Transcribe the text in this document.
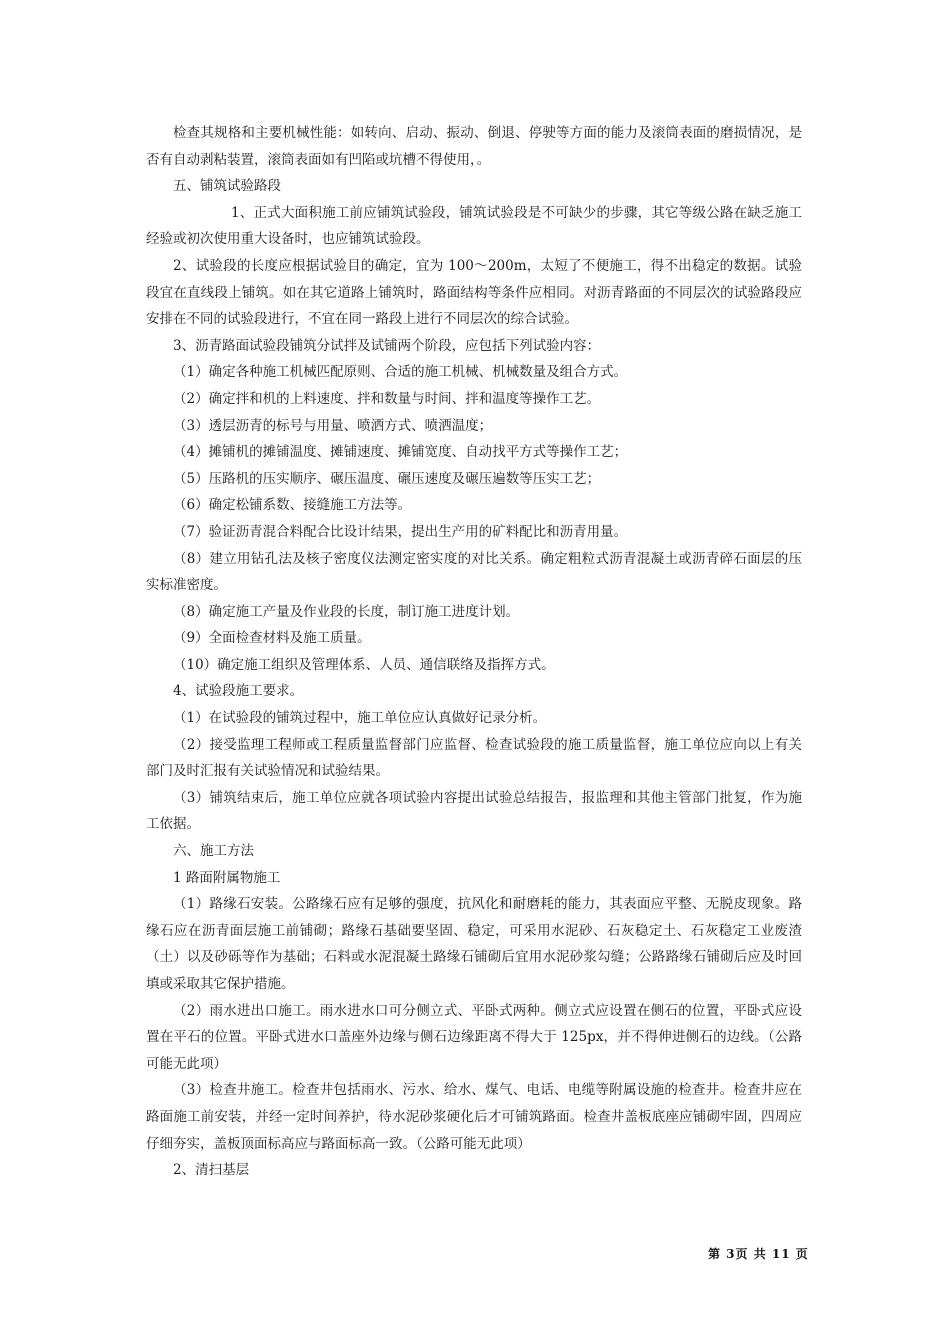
检查其规格和主要机械性能：如转向、启动、振动、倒退、停驶等方面的能力及滚筒表面的磨损情况，是否有自动剥粘装置，滚筒表面如有凹陷或坑槽不得使用，。

五、铺筑试验路段

1、正式大面积施工前应铺筑试验段，铺筑试验段是不可缺少的步骤，其它等级公路在缺乏施工经验或初次使用重大设备时，也应铺筑试验段。

2、试验段的长度应根据试验目的确定，宜为 100～200m，太短了不便施工，得不出稳定的数据。试验段宜在直线段上铺筑。如在其它道路上铺筑时，路面结构等条件应相同。对沥青路面的不同层次的试验路段应安排在不同的试验段进行，不宜在同一路段上进行不同层次的综合试验。

3、沥青路面试验段铺筑分试拌及试铺两个阶段，应包括下列试验内容：

（1）确定各种施工机械匹配原则、合适的施工机械、机械数量及组合方式。

（2）确定拌和机的上料速度、拌和数量与时间、拌和温度等操作工艺。

（3）透层沥青的标号与用量、喷洒方式、喷洒温度；

（4）摊铺机的摊铺温度、摊铺速度、摊铺宽度、自动找平方式等操作工艺；

（5）压路机的压实顺序、碾压温度、碾压速度及碾压遍数等压实工艺；

（6）确定松铺系数、接缝施工方法等。

（7）验证沥青混合料配合比设计结果，提出生产用的矿料配比和沥青用量。

（8）建立用钻孔法及核子密度仪法测定密实度的对比关系。确定粗粒式沥青混凝土或沥青碎石面层的压实标准密度。

（8）确定施工产量及作业段的长度，制订施工进度计划。

（9）全面检查材料及施工质量。

（10）确定施工组织及管理体系、人员、通信联络及指挥方式。

4、试验段施工要求。

（1）在试验段的铺筑过程中，施工单位应认真做好记录分析。

（2）接受监理工程师或工程质量监督部门应监督、检查试验段的施工质量监督，施工单位应向以上有关部门及时汇报有关试验情况和试验结果。

（3）铺筑结束后，施工单位应就各项试验内容提出试验总结报告，报监理和其他主管部门批复，作为施工依据。

六、施工方法

1 路面附属物施工

（1）路缘石安装。公路缘石应有足够的强度，抗风化和耐磨耗的能力，其表面应平整、无脱皮现象。路缘石应在沥青面层施工前铺砌；路缘石基础要坚固、稳定，可采用水泥砂、石灰稳定土、石灰稳定工业废渣（土）以及砂砾等作为基础；石料或水泥混凝土路缘石铺砌后宜用水泥砂浆勾缝；公路路缘石铺砌后应及时回填或采取其它保护措施。

（2）雨水进出口施工。雨水进水口可分侧立式、平卧式两种。侧立式应设置在侧石的位置，平卧式应设置在平石的位置。平卧式进水口盖座外边缘与侧石边缘距离不得大于 125px，并不得伸进侧石的边线。（公路可能无此项）

（3）检查井施工。检查井包括雨水、污水、给水、煤气、电话、电缆等附属设施的检查井。检查井应在路面施工前安装，并经一定时间养护，待水泥砂浆硬化后才可铺筑路面。检查井盖板底座应铺砌牢固，四周应仔细夯实，盖板顶面标高应与路面标高一致。（公路可能无此项）

2、清扫基层

第 3页 共 11 页
